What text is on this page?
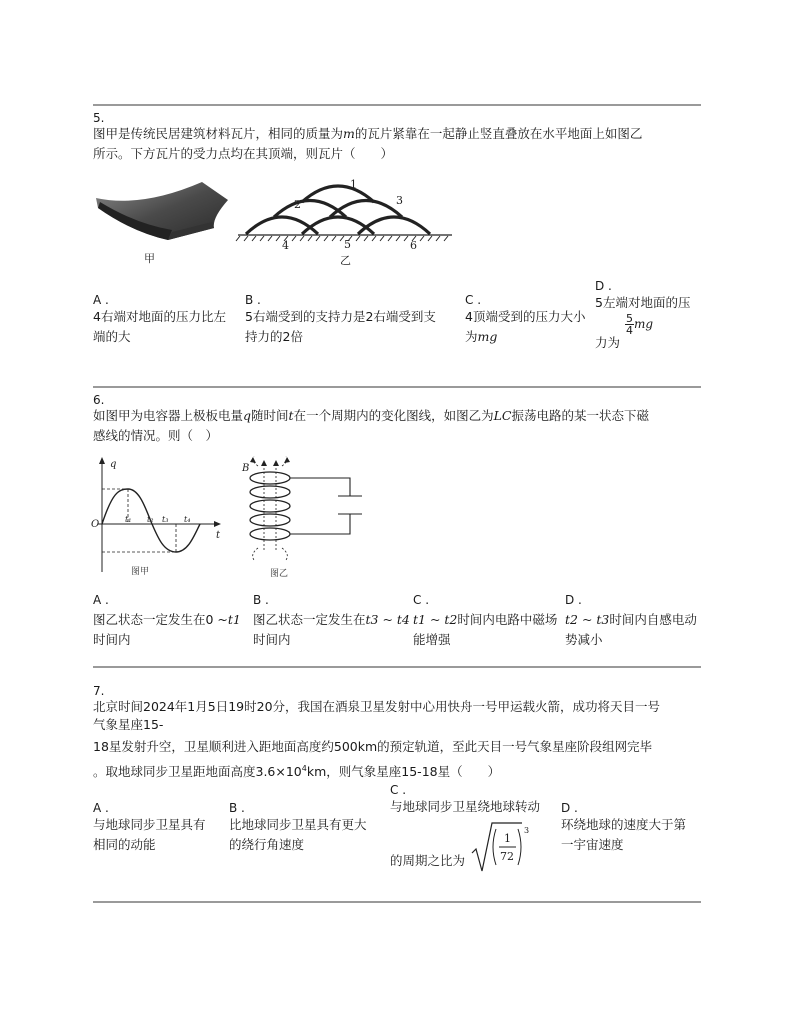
5.
图甲是传统民居建筑材料瓦片，相同的质量为m的瓦片紧靠在一起静止竖直叠放在水平地面上如图乙
所示。下方瓦片的受力点均在其顶端，则瓦片（　　）
甲
1
2	3
4	5	6
乙
A .
4右端对地面的压力比左
端的大
B .
5右端受到的支持力是2右端受到支
持力的2倍
C .
4顶端受到的压力大小
为mg
D .
5左端对地面的压
$\frac{5}{4}$ mg
力为
6.
如图甲为电容器上极板电量q随时间t在一个周期内的变化图线，如图乙为LC振荡电路的某一状态下磁
感线的情况。则（　）
q
t
O	t₁ t₂ t₃ t₄
图甲
B
图乙
A .
图乙状态一定发生在0 ~t1
时间内
B .
图乙状态一定发生在t3 ~ t4
时间内
C .
t1 ~ t2时间内电路中磁场
能增强
D .
t2 ~ t3时间内自感电动
势减小
7.
北京时间2024年1月5日19时20分，我国在酒泉卫星发射中心用快舟一号甲运载火箭，成功将天目一号
气象星座15-
18星发射升空，卫星顺利进入距地面高度约500km的预定轨道，至此天目一号气象星座阶段组网完毕
。取地球同步卫星距地面高度$3.6\times 10^4km$，则气象星座15-18星（　　）
A .
与地球同步卫星具有
相同的动能
B .
比地球同步卫星具有更大
的绕行角速度
C .
与地球同步卫星绕地球转动
的周期之比为
1
72
3
D .
环绕地球的速度大于第
一宇宙速度
